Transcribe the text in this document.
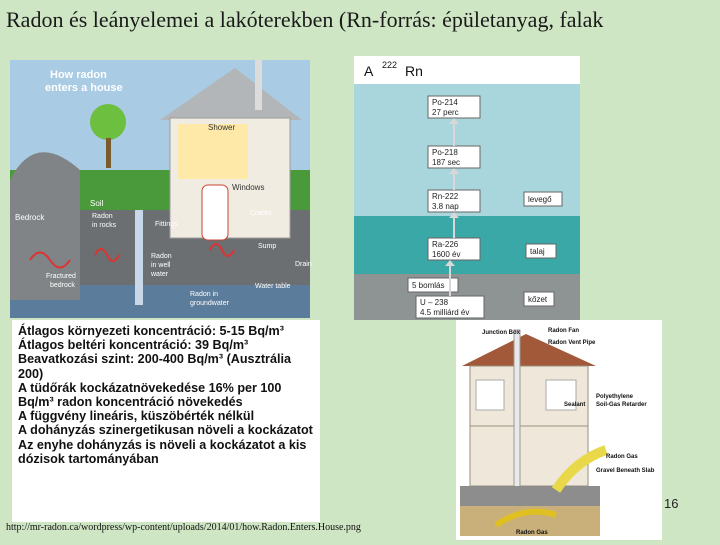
Radon és leányelemei a lakóterekben (Rn-forrás: épületanyag, falak
How radon
enters a house
Shower
Windows
Bedrock
Soil
Radon
in rocks	Fittings
Cracks
Sump
Drain
Fractured
bedrock
Radon
in well
water
Radon in
groundwater
Water table
A 222 Rn
Po-214
27 perc
Po-218
187 sec
Rn-222
3.8 nap
Ra-226
1600 év
5 bomlás
U – 238
4.5 milliárd év
levegő
talaj
kőzet
Átlagos környezeti koncentráció: 5-15 Bq/m³
Átlagos beltéri koncentráció: 39 Bq/m³
Beavatkozási szint: 200-400 Bq/m³ (Ausztrália 200)
A tüdőrák kockázatnövekedése 16% per 100 Bq/m³ radon koncentráció növekedés
A függvény lineáris, küszöbérték nélkül
A dohányzás szinergetikusan növeli a kockázatot
Az enyhe dohányzás is növeli a kockázatot a kis dózisok tartományában
Junction Box	Radon Fan
Radon Vent Pipe
Sealant
Polyethylene
Soil-Gas Retarder
Radon Gas
Gravel Beneath Slab
Radon Gas
16
http://mr-radon.ca/wordpress/wp-content/uploads/2014/01/how.Radon.Enters.House.png
